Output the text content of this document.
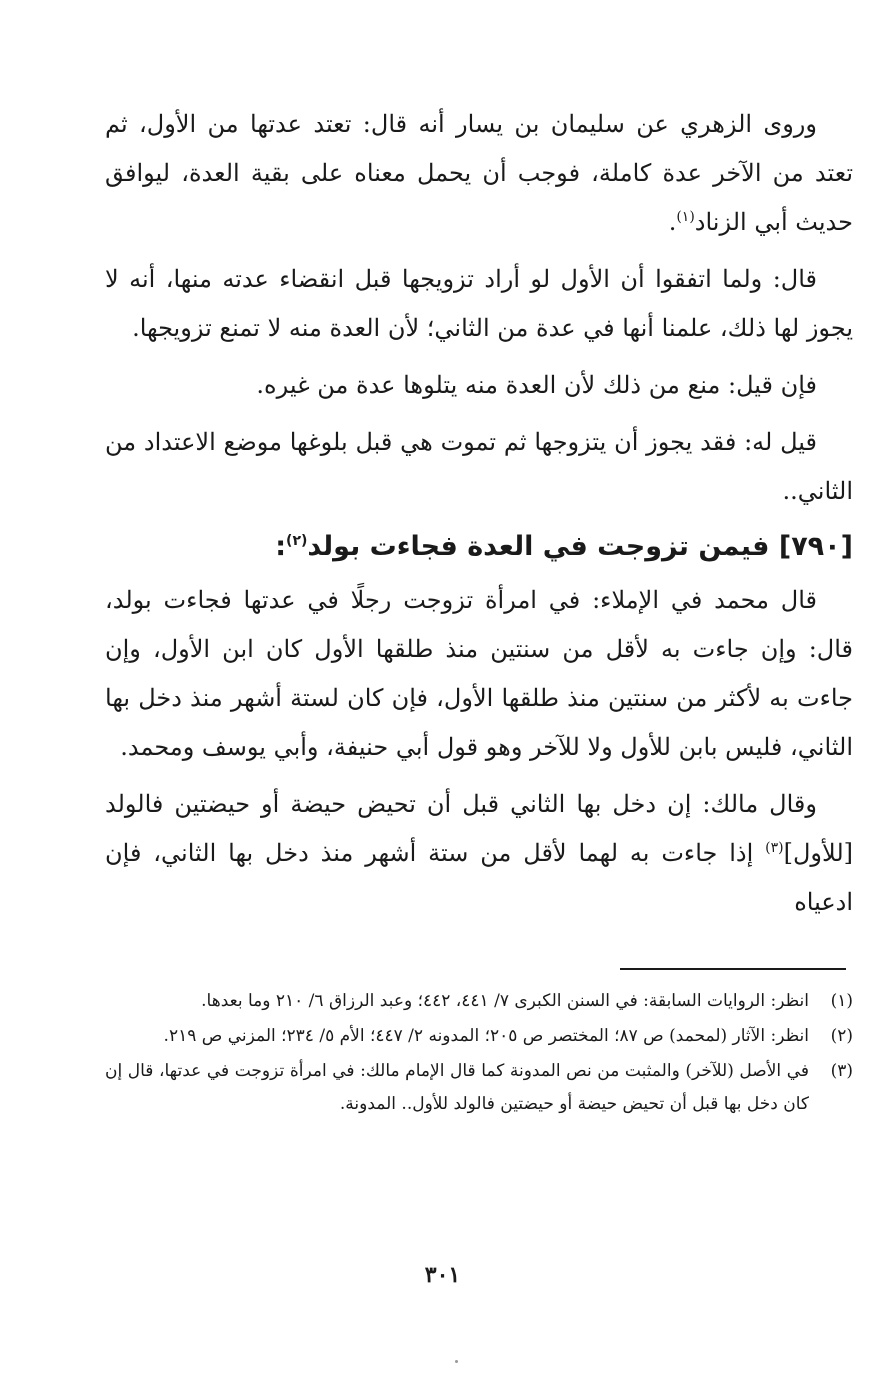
وروى الزهري عن سليمان بن يسار أنه قال: تعتد عدتها من الأول، ثم تعتد من الآخر عدة كاملة، فوجب أن يحمل معناه على بقية العدة، ليوافق حديث أبي الزناد$^{(١)}$.

قال: ولما اتفقوا أن الأول لو أراد تزويجها قبل انقضاء عدته منها، أنه لا يجوز لها ذلك، علمنا أنها في عدة من الثاني؛ لأن العدة منه لا تمنع تزويجها.

فإن قيل: منع من ذلك لأن العدة منه يتلوها عدة من غيره.

قيل له: فقد يجوز أن يتزوجها ثم تموت هي قبل بلوغها موضع الاعتداد من الثاني..

[٧٩٠] فيمن تزوجت في العدة فجاءت بولد$^{(٢)}$:

قال محمد في الإملاء: في امرأة تزوجت رجلًا في عدتها فجاءت بولد، قال: وإن جاءت به لأقل من سنتين منذ طلقها الأول كان ابن الأول، وإن جاءت به لأكثر من سنتين منذ طلقها الأول، فإن كان لستة أشهر منذ دخل بها الثاني، فليس بابن للأول ولا للآخر وهو قول أبي حنيفة، وأبي يوسف ومحمد.

وقال مالك: إن دخل بها الثاني قبل أن تحيض حيضة أو حيضتين فالولد [للأول]$^{(٣)}$ إذا جاءت به لهما لأقل من ستة أشهر منذ دخل بها الثاني، فإن ادعياه

(١)
انظر: الروايات السابقة: في السنن الكبرى ٧/ ٤٤١، ٤٤٢؛ وعبد الرزاق ٦/ ٢١٠ وما بعدها.
(٢)
انظر: الآثار (لمحمد) ص ٨٧؛ المختصر ص ٢٠٥؛ المدونه ٢/ ٤٤٧؛ الأم ٥/ ٢٣٤؛ المزني ص ٢١٩.
(٣)
في الأصل (للآخر) والمثبت من نص المدونة كما قال الإمام مالك: في امرأة تزوجت في عدتها، قال إن كان دخل بها قبل أن تحيض حيضة أو حيضتين فالولد للأول.. المدونة.
٣٠١
